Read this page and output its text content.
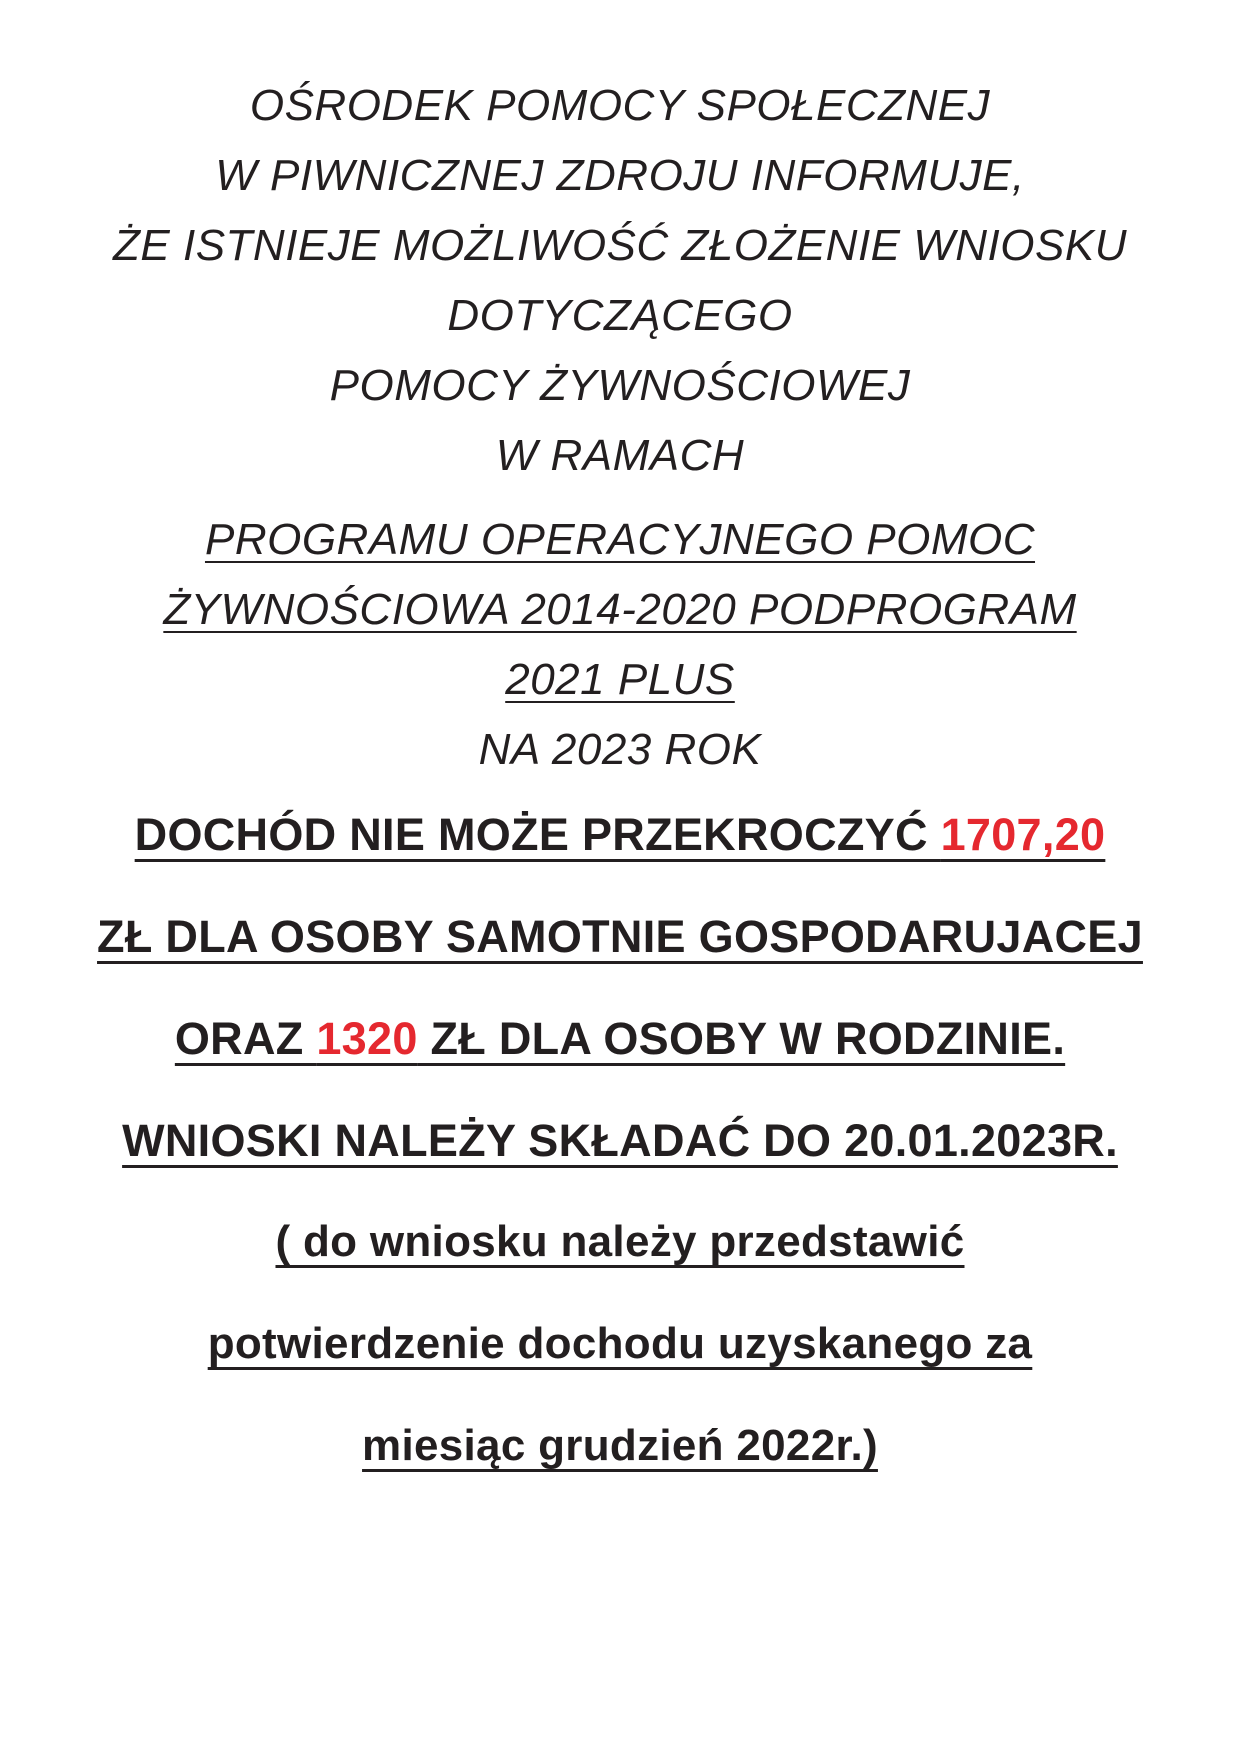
OŚRODEK POMOCY SPOŁECZNEJ
W PIWNICZNEJ ZDROJU INFORMUJE,
ŻE ISTNIEJE MOŻLIWOŚĆ ZŁOŻENIE WNIOSKU
DOTYCZĄCEGO
POMOCY ŻYWNOŚCIOWEJ
W RAMACH
PROGRAMU OPERACYJNEGO POMOC
ŻYWNOŚCIOWA 2014-2020 PODPROGRAM
2021 PLUS
NA 2023 ROK
DOCHÓD NIE MOŻE PRZEKROCZYĆ 1707,20
ZŁ DLA OSOBY SAMOTNIE GOSPODARUJACEJ
ORAZ 1320 ZŁ DLA OSOBY W RODZINIE.
WNIOSKI NALEŻY SKŁADAĆ DO 20.01.2023R.
( do wniosku należy przedstawić
potwierdzenie dochodu uzyskanego za
miesiąc grudzień 2022r.)
